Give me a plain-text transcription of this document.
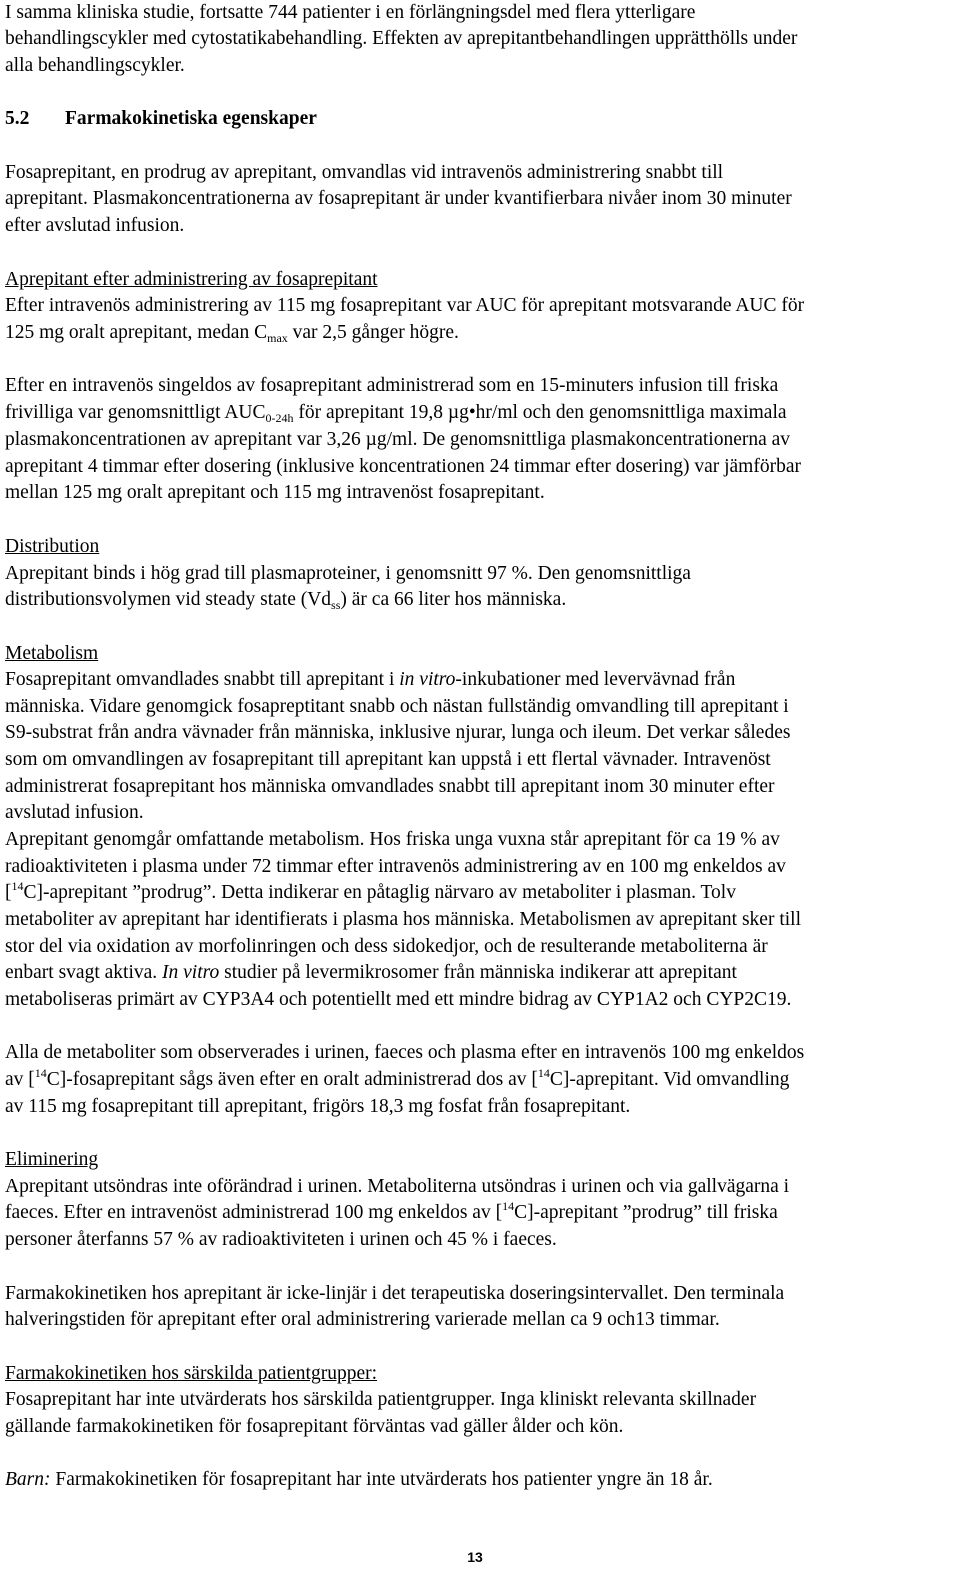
I samma kliniska studie, fortsatte 744 patienter i en förlängningsdel med flera ytterligare
behandlingscykler med cytostatikabehandling. Effekten av aprepitantbehandlingen upprätthölls under
alla behandlingscykler.
5.2 Farmakokinetiska egenskaper
Fosaprepitant, en prodrug av aprepitant, omvandlas vid intravenös administrering snabbt till
aprepitant. Plasmakoncentrationerna av fosaprepitant är under kvantifierbara nivåer inom 30 minuter
efter avslutad infusion.
Aprepitant efter administrering av fosaprepitant
Efter intravenös administrering av 115 mg fosaprepitant var AUC för aprepitant motsvarande AUC för
125 mg oralt aprepitant, medan $C_{max}$ var 2,5 gånger högre.
Efter en intravenös singeldos av fosaprepitant administrerad som en 15-minuters infusion till friska
frivilliga var genomsnittligt $AUC_{0-24h}$ för aprepitant 19,8 µg•hr/ml och den genomsnittliga maximala
plasmakoncentrationen av aprepitant var 3,26 µg/ml. De genomsnittliga plasmakoncentrationerna av
aprepitant 4 timmar efter dosering (inklusive koncentrationen 24 timmar efter dosering) var jämförbar
mellan 125 mg oralt aprepitant och 115 mg intravenöst fosaprepitant.
Distribution
Aprepitant binds i hög grad till plasmaproteiner, i genomsnitt 97 %. Den genomsnittliga
distributionsvolymen vid steady state $(Vd_{ss})$ är ca 66 liter hos människa.
Metabolism
Fosaprepitant omvandlades snabbt till aprepitant i in vitro-inkubationer med levervävnad från
människa. Vidare genomgick fosapreptitant snabb och nästan fullständig omvandling till aprepitant i
S9-substrat från andra vävnader från människa, inklusive njurar, lunga och ileum. Det verkar således
som om omvandlingen av fosaprepitant till aprepitant kan uppstå i ett flertal vävnader. Intravenöst
administrerat fosaprepitant hos människa omvandlades snabbt till aprepitant inom 30 minuter efter
avslutad infusion.
Aprepitant genomgår omfattande metabolism. Hos friska unga vuxna står aprepitant för ca 19 % av
radioaktiviteten i plasma under 72 timmar efter intravenös administrering av en 100 mg enkeldos av
[$^{14}$C]-aprepitant ”prodrug”. Detta indikerar en påtaglig närvaro av metaboliter i plasman. Tolv
metaboliter av aprepitant har identifierats i plasma hos människa. Metabolismen av aprepitant sker till
stor del via oxidation av morfolinringen och dess sidokedjor, och de resulterande metaboliterna är
enbart svagt aktiva. In vitro studier på levermikrosomer från människa indikerar att aprepitant
metaboliseras primärt av CYP3A4 och potentiellt med ett mindre bidrag av CYP1A2 och CYP2C19.
Alla de metaboliter som observerades i urinen, faeces och plasma efter en intravenös 100 mg enkeldos
av [$^{14}$C]-fosaprepitant sågs även efter en oralt administrerad dos av [$^{14}$C]-aprepitant. Vid omvandling
av 115 mg fosaprepitant till aprepitant, frigörs 18,3 mg fosfat från fosaprepitant.
Eliminering
Aprepitant utsöndras inte oförändrad i urinen. Metaboliterna utsöndras i urinen och via gallvägarna i
faeces. Efter en intravenöst administrerad 100 mg enkeldos av [$^{14}$C]-aprepitant ”prodrug” till friska
personer återfanns 57 % av radioaktiviteten i urinen och 45 % i faeces.
Farmakokinetiken hos aprepitant är icke-linjär i det terapeutiska doseringsintervallet. Den terminala
halveringstiden för aprepitant efter oral administrering varierade mellan ca 9 och13 timmar.
Farmakokinetiken hos särskilda patientgrupper:
Fosaprepitant har inte utvärderats hos särskilda patientgrupper. Inga kliniskt relevanta skillnader
gällande farmakokinetiken för fosaprepitant förväntas vad gäller ålder och kön.
Barn: Farmakokinetiken för fosaprepitant har inte utvärderats hos patienter yngre än 18 år.
13
